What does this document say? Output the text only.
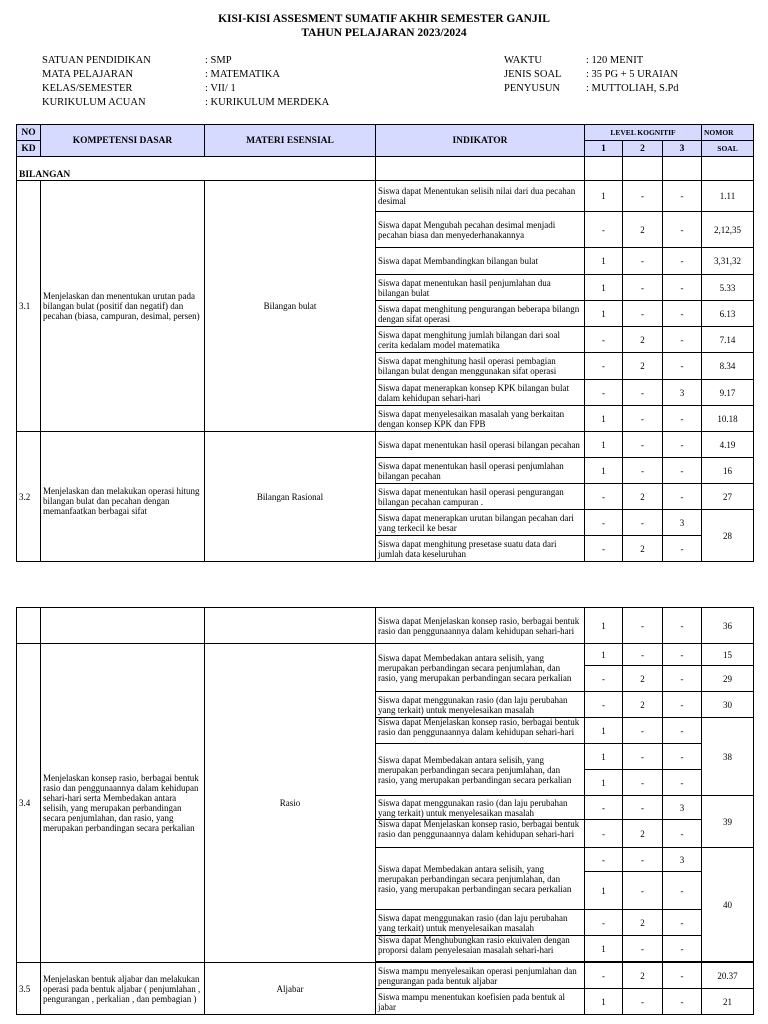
KISI-KISI ASSESMENT SUMATIF AKHIR SEMESTER GANJIL
TAHUN PELAJARAN 2023/2024
SATUAN PENDIDIKAN	: SMP
MATA PELAJARAN	: MATEMATIKA
KELAS/SEMESTER	: VII/ 1
KURIKULUM ACUAN	: KURIKULUM MERDEKA
WAKTU	: 120 MENIT
JENIS SOAL : 35 PG + 5 URAIAN
PENYUSUN : MUTTOLIAH, S.Pd
NO	KOMPETENSI DASAR	MATERI ESENSIAL	INDIKATOR	LEVEL KOGNITIF			NOMOR
KD				1	2	3	SOAL
BILANGAN							
3.1	Menjelaskan dan menentukan urutan pada bilangan bulat (positif dan negatif) dan pecahan (biasa, campuran, desimal, persen)	Bilangan bulat	Siswa dapat Menentukan selisih nilai dari dua pecahan desimal	1	-	-	1.11
			Siswa dapat Mengubah pecahan desimal menjadi pecahan biasa dan menyederhanakannya	-	2	-	2,12,35
			Siswa dapat Membandingkan bilangan bulat	1	-	-	3,31,32
			Siswa dapat menentukan hasil penjumlahan dua bilangan bulat	1	-	-	5.33
			Siswa dapat menghitung pengurangan beberapa bilangn dengan sifat operasi	1	-	-	6.13
			Siswa dapat menghitung jumlah bilangan dari soal cerita kedalam model matematika	-	2	-	7.14
			Siswa dapat menghitung hasil operasi pembagian bilangan bulat dengan menggunakan sifat operasi	-	2	-	8.34
			Siswa dapat menerapkan konsep KPK bilangan bulat dalam kehidupan sehari-hari	-	-	3	9.17
			Siswa dapat menyelesaikan masalah yang berkaitan dengan konsep KPK dan FPB	1	-	-	10.18
3.2	Menjelaskan dan melakukan operasi hitung bilangan bulat dan pecahan dengan memanfaatkan berbagai sifat	Bilangan Rasional	Siswa dapat menentukan hasil operasi bilangan pecahan	1	-	-	4.19
			Siswa dapat menentukan hasil operasi penjumlahan bilangan pecahan	1	-	-	16
			Siswa dapat menentukan hasil operasi pengurangan bilangan pecahan campuran .	-	2	-	27
			Siswa dapat menerapkan urutan bilangan pecahan dari yang terkecil ke besar	-	-	3	28
			Siswa dapat menghitung presetase suatu data dari jumlah data keseluruhan	-	2	-	
			Siswa dapat Menjelaskan konsep rasio, berbagai bentuk rasio dan penggunaannya dalam kehidupan sehari-hari	1	-	-	36
3.4	Menjelaskan konsep rasio, berbagai bentuk rasio dan penggunaannya dalam kehidupan sehari-hari serta Membedakan antara selisih, yang merupakan perbandingan secara penjumlahan, dan rasio, yang merupakan perbandingan secara perkalian	Rasio	Siswa dapat Membedakan antara selisih, yang merupakan perbandingan secara penjumlahan, dan rasio, yang merupakan perbandingan secara perkalian	1	-	-	15
				-	2	-	29
			Siswa dapat menggunakan rasio (dan laju perubahan yang terkait) untuk menyelesaikan masalah	-	2	-	30

			Siswa dapat Menjelaskan konsep rasio, berbagai bentuk rasio dan penggunaannya dalam kehidupan sehari-hari	1	-	-	38
			Siswa dapat Membedakan antara selisih, yang merupakan perbandingan secara penjumlahan, dan rasio, yang merupakan perbandingan secara perkalian	1	-	-	
				1	-	-	
			Siswa dapat menggunakan rasio (dan laju perubahan yang terkait) untuk menyelesaikan masalah	-	-	3	39

			Siswa dapat Menjelaskan konsep rasio, berbagai bentuk rasio dan penggunaannya dalam kehidupan sehari-hari	-	2	-	
			Siswa dapat Membedakan antara selisih, yang merupakan perbandingan secara penjumlahan, dan rasio, yang merupakan perbandingan secara perkalian	-	-	3	40
				1	-	-	
			Siswa dapat menggunakan rasio (dan laju perubahan yang terkait) untuk menyelesaikan masalah	-	2	-	

			Siswa dapat Menghubungkan rasio ekuivalen dengan proporsi dalam penyelesaian masalah sehari-hari	1	-	-	

3.5	Menjelaskan bentuk aljabar dan melakukan operasi pada bentuk aljabar ( penjumlahan , pengurangan , perkalian , dan pembagian )	Aljabar	Siswa mampu menyelesaikan operasi penjumlahan dan pengurangan pada bentuk aljabar	-	2	-	20.37
			Siswa mampu menentukan koefisien pada bentuk al jabar	1	-	-	21
